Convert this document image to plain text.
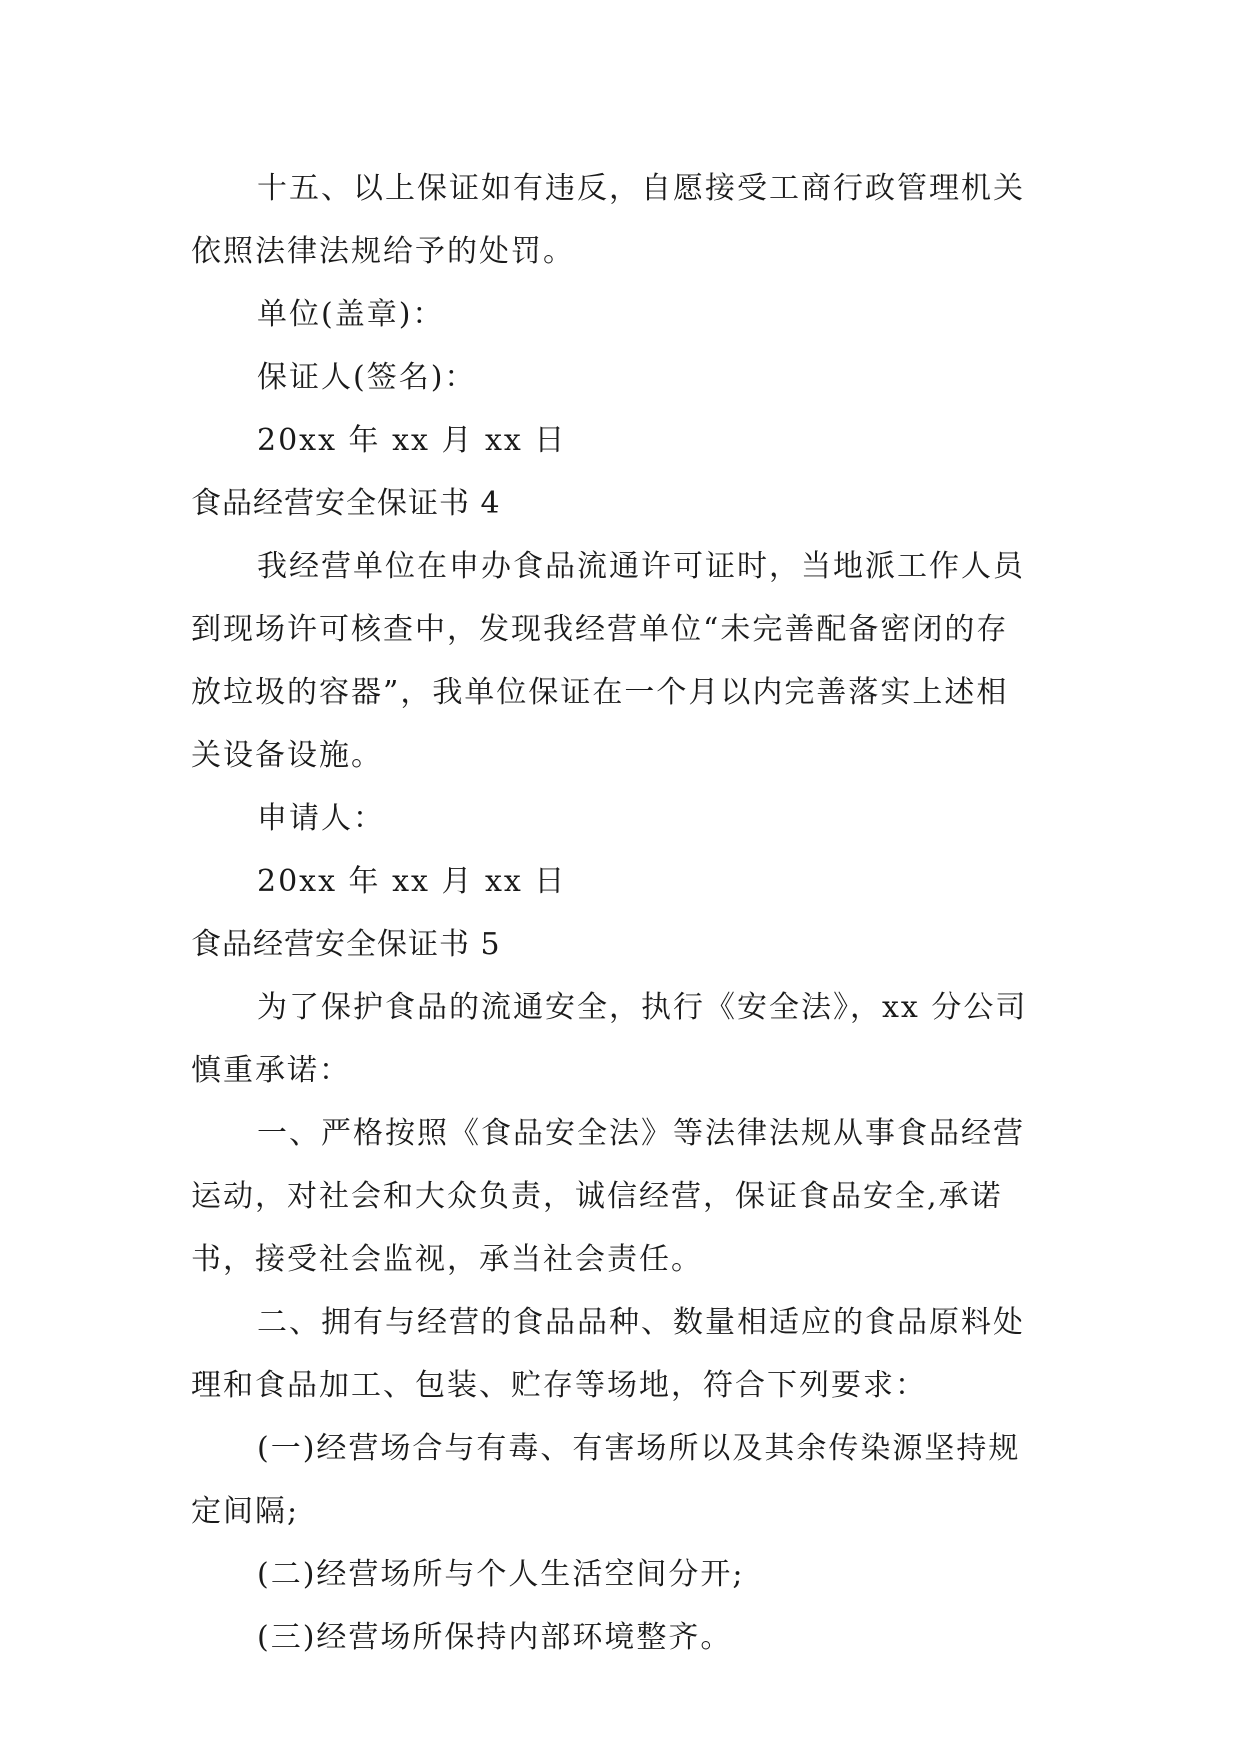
十五、以上保证如有违反，自愿接受工商行政管理机关

依照法律法规给予的处罚。

单位(盖章)：

保证人(签名)：

20xx 年 xx 月 xx 日

食品经营安全保证书 4

我经营单位在申办食品流通许可证时，当地派工作人员

到现场许可核查中，发现我经营单位“未完善配备密闭的存

放垃圾的容器”，我单位保证在一个月以内完善落实上述相

关设备设施。

申请人：

20xx 年 xx 月 xx 日

食品经营安全保证书 5

为了保护食品的流通安全，执行《安全法》，xx 分公司

慎重承诺：

一、严格按照《食品安全法》等法律法规从事食品经营

运动，对社会和大众负责，诚信经营，保证食品安全,承诺

书，接受社会监视，承当社会责任。

二、拥有与经营的食品品种、数量相适应的食品原料处

理和食品加工、包装、贮存等场地，符合下列要求：

(一)经营场合与有毒、有害场所以及其余传染源坚持规

定间隔;

(二)经营场所与个人生活空间分开;

(三)经营场所保持内部环境整齐。
